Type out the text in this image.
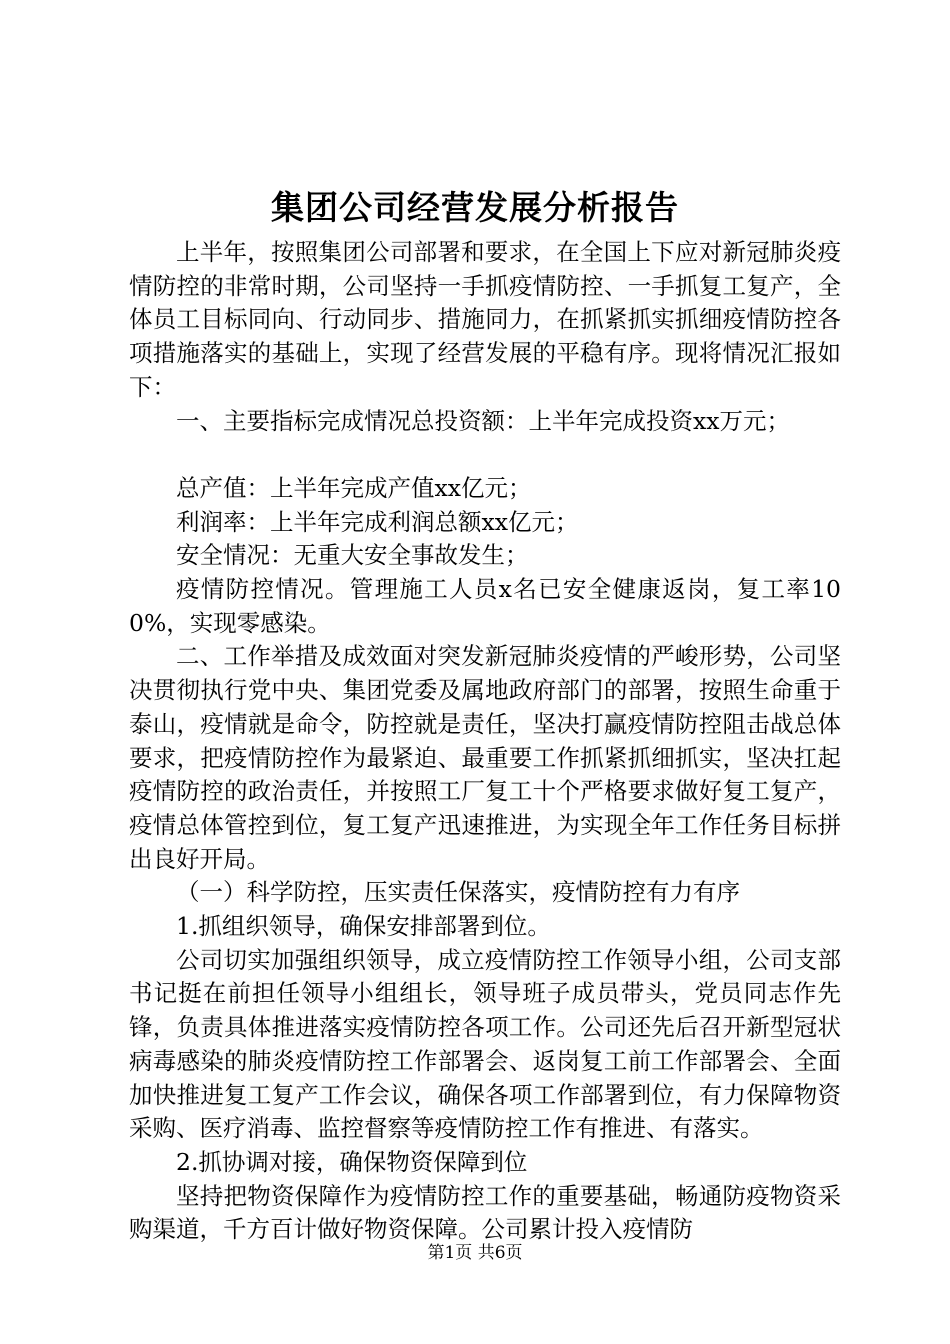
集团公司经营发展分析报告

上半年，按照集团公司部署和要求，在全国上下应对新冠肺炎疫情防控的非常时期，公司坚持一手抓疫情防控、一手抓复工复产，全体员工目标同向、行动同步、措施同力，在抓紧抓实抓细疫情防控各项措施落实的基础上，实现了经营发展的平稳有序。现将情况汇报如下：

一、主要指标完成情况总投资额：上半年完成投资xx万元；

总产值：上半年完成产值xx亿元；

利润率：上半年完成利润总额xx亿元；

安全情况：无重大安全事故发生；

疫情防控情况。管理施工人员x名已安全健康返岗，复工率100%，实现零感染。

二、工作举措及成效面对突发新冠肺炎疫情的严峻形势，公司坚决贯彻执行党中央、集团党委及属地政府部门的部署，按照生命重于泰山，疫情就是命令，防控就是责任，坚决打赢疫情防控阻击战总体要求，把疫情防控作为最紧迫、最重要工作抓紧抓细抓实，坚决扛起疫情防控的政治责任，并按照工厂复工十个严格要求做好复工复产，疫情总体管控到位，复工复产迅速推进，为实现全年工作任务目标拼出良好开局。

（一）科学防控，压实责任保落实，疫情防控有力有序

1.抓组织领导，确保安排部署到位。

公司切实加强组织领导，成立疫情防控工作领导小组，公司支部书记挺在前担任领导小组组长，领导班子成员带头，党员同志作先锋，负责具体推进落实疫情防控各项工作。公司还先后召开新型冠状病毒感染的肺炎疫情防控工作部署会、返岗复工前工作部署会、全面加快推进复工复产工作会议，确保各项工作部署到位，有力保障物资采购、医疗消毒、监控督察等疫情防控工作有推进、有落实。

2.抓协调对接，确保物资保障到位

坚持把物资保障作为疫情防控工作的重要基础，畅通防疫物资采购渠道，千方百计做好物资保障。公司累计投入疫情防

第1页 共6页
